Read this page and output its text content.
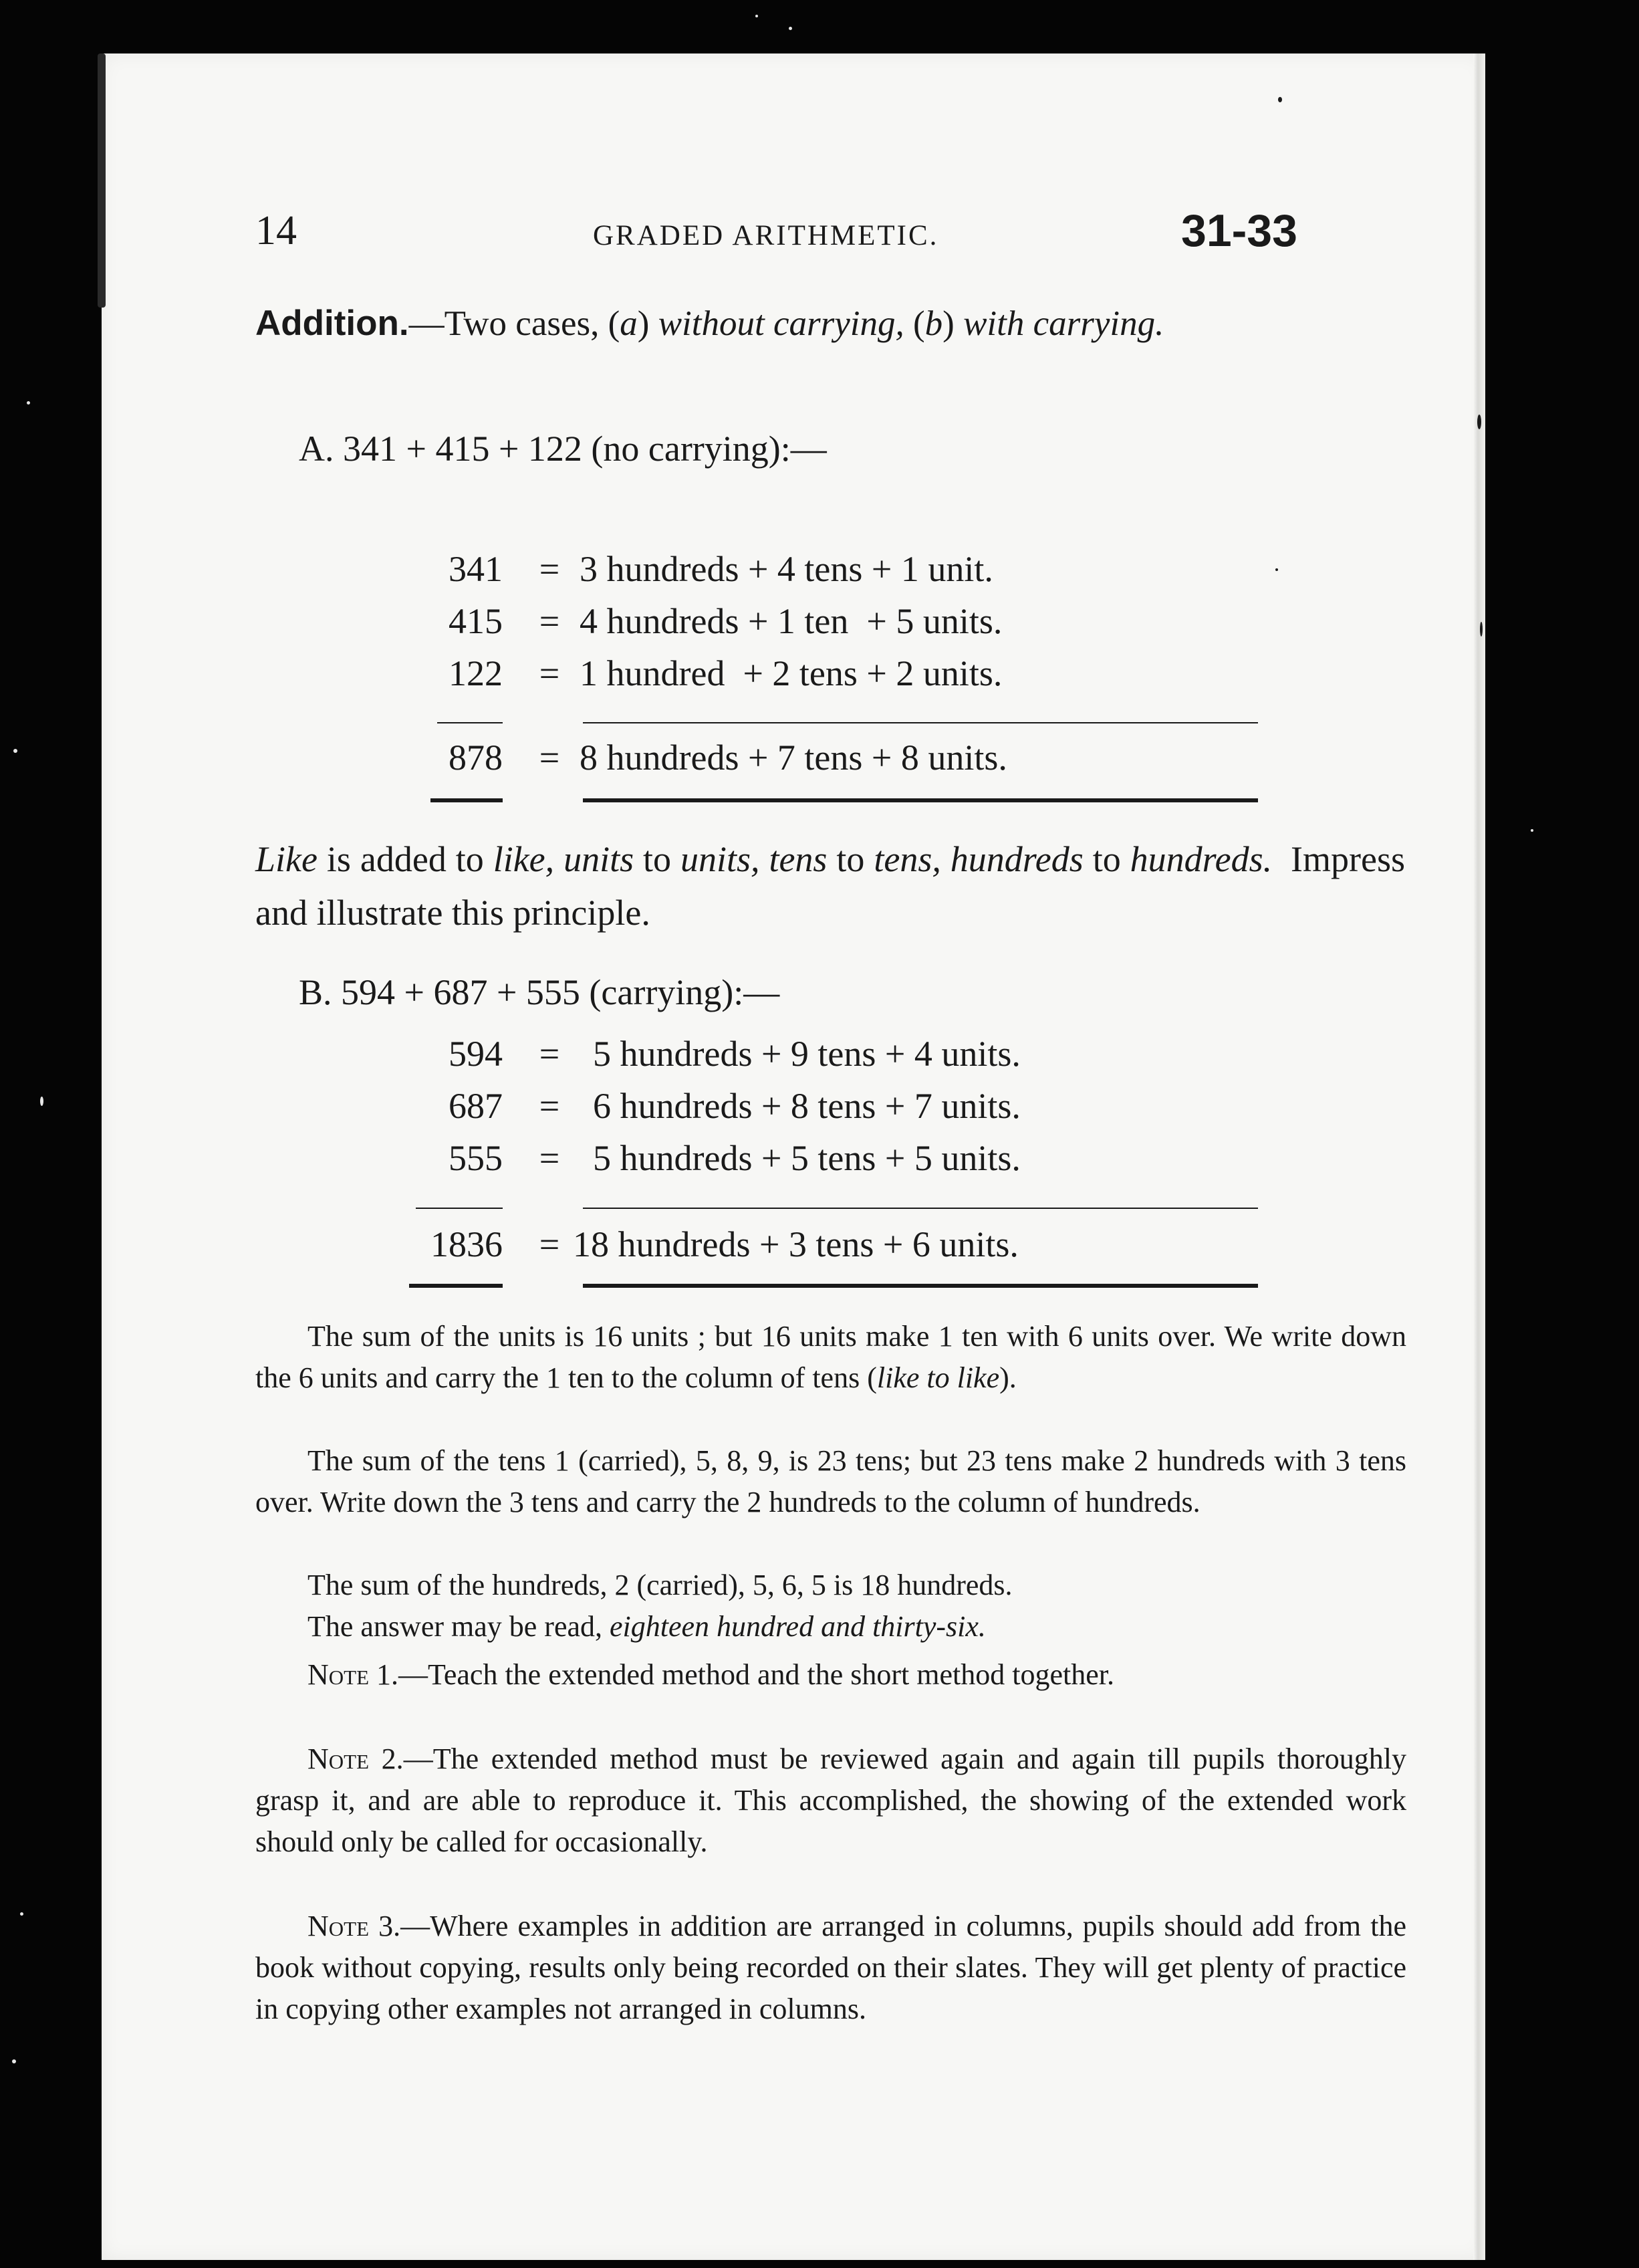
14	GRADED ARITHMETIC.	31-33
Addition.—Two cases, (a) without carrying, (b) with carrying.
A. 341 + 415 + 122 (no carrying):—
341 = 3 hundreds + 4 tens + 1 unit.
415 = 4 hundreds + 1 ten  + 5 units.
122 = 1 hundred  + 2 tens + 2 units.
878 = 8 hundreds + 7 tens + 8 units.
Like is added to like, units to units, tens to tens, hundreds to hundreds.  Impress and illustrate this principle.
B. 594 + 687 + 555 (carrying):—
594 = 5 hundreds + 9 tens + 4 units.
687 = 6 hundreds + 8 tens + 7 units.
555 = 5 hundreds + 5 tens + 5 units.
1836 = 18 hundreds + 3 tens + 6 units.
The sum of the units is 16 units ; but 16 units make 1 ten with 6 units over. We write down the 6 units and carry the 1 ten to the column of tens (like to like).
The sum of the tens 1 (carried), 5, 8, 9, is 23 tens; but 23 tens make 2 hundreds with 3 tens over. Write down the 3 tens and carry the 2 hundreds to the column of hundreds.
The sum of the hundreds, 2 (carried), 5, 6, 5 is 18 hundreds.
The answer may be read, eighteen hundred and thirty-six.
Note 1.—Teach the extended method and the short method together.
Note 2.—The extended method must be reviewed again and again till pupils thoroughly grasp it, and are able to reproduce it. This accomplished, the showing of the extended work should only be called for occasionally.
Note 3.—Where examples in addition are arranged in columns, pupils should add from the book without copying, results only being recorded on their slates. They will get plenty of practice in copying other examples not arranged in columns.
